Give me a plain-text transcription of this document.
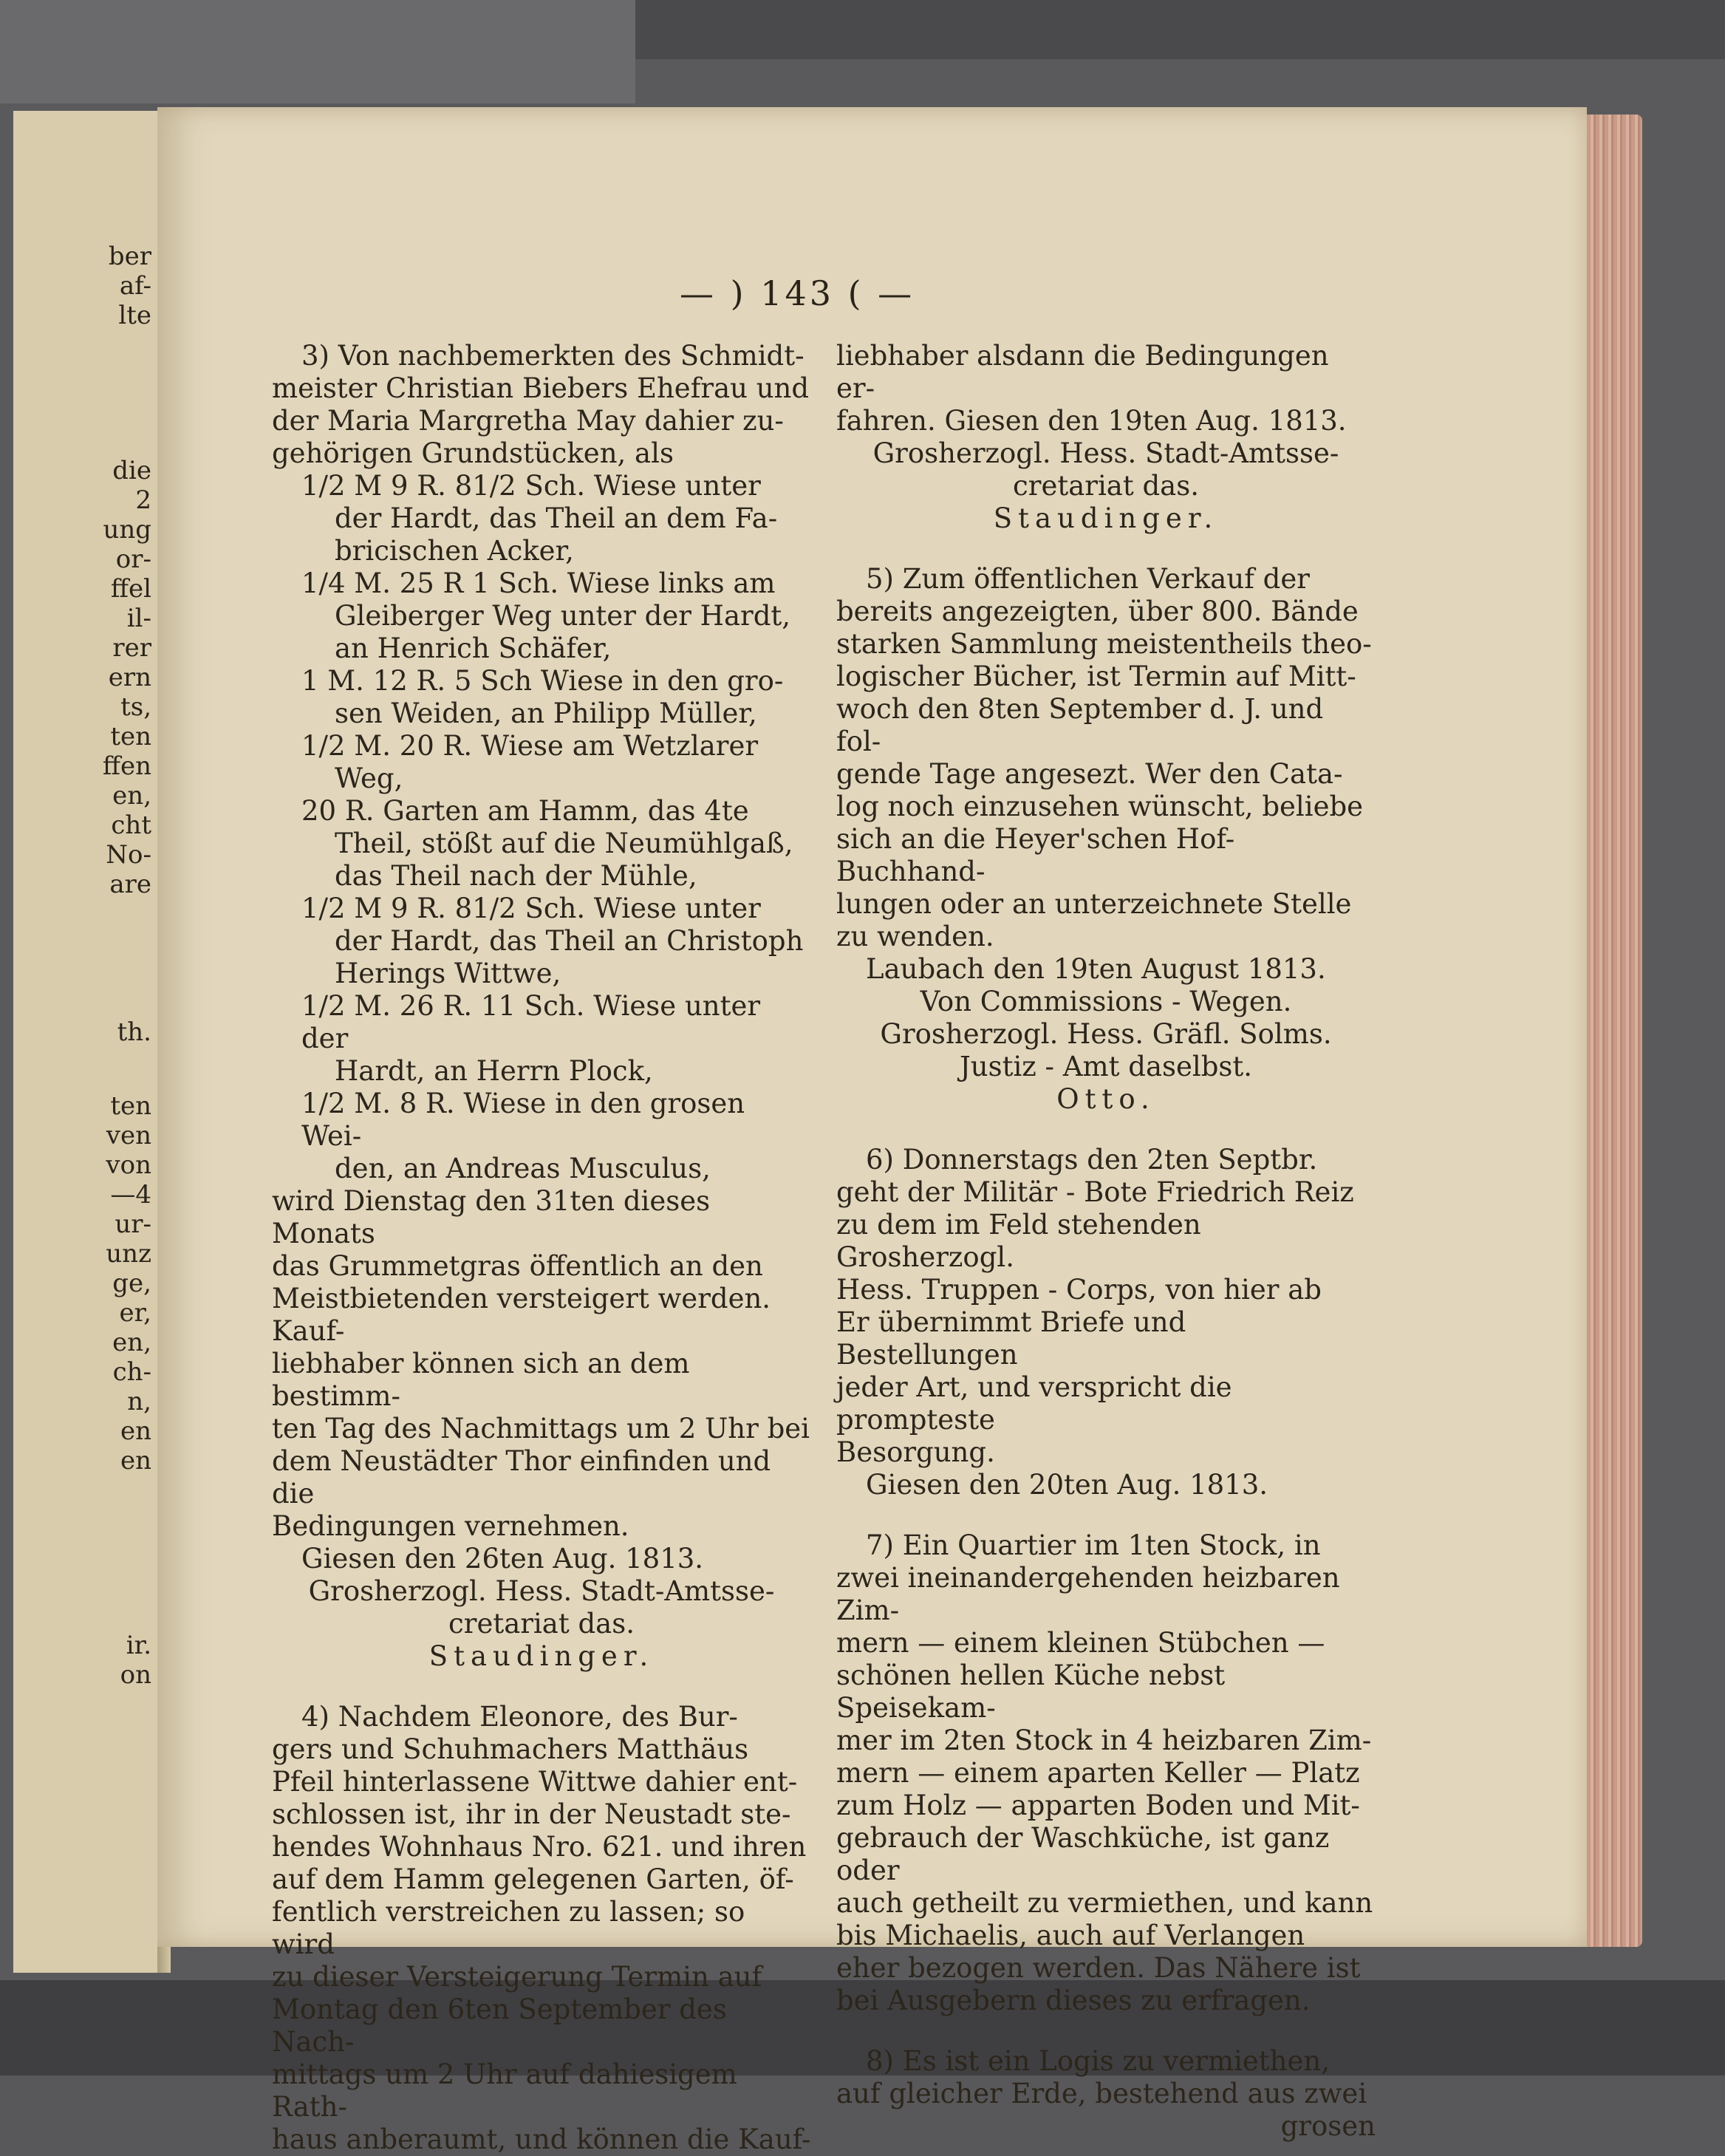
ber
af-
lte
die
2
ung
or-
ffel
il-
rer
ern
ts,
ten
ffen
en,
cht
No-
are
th.
ten
ven
von
—4
ur-
unz
ge,
er,
en,
ch-
n,
en
en
ir.
on
— ) 143 ( —
3) Von nachbemerkten des Schmidt-
meister Christian Biebers Ehefrau und
der Maria Margretha May dahier zu-
gehörigen Grundstücken, als
1/2 M 9 R. 81/2 Sch. Wiese unter
der Hardt, das Theil an dem Fa-
bricischen Acker,
1/4 M. 25 R 1 Sch. Wiese links am
Gleiberger Weg unter der Hardt,
an Henrich Schäfer,
1 M. 12 R. 5 Sch Wiese in den gro-
sen Weiden, an Philipp Müller,
1/2 M. 20 R. Wiese am Wetzlarer
Weg,
20 R. Garten am Hamm, das 4te
Theil, stößt auf die Neumühlgaß,
das Theil nach der Mühle,
1/2 M 9 R. 81/2 Sch. Wiese unter
der Hardt, das Theil an Christoph
Herings Wittwe,
1/2 M. 26 R. 11 Sch. Wiese unter der
Hardt, an Herrn Plock,
1/2 M. 8 R. Wiese in den grosen Wei-
den, an Andreas Musculus,
wird Dienstag den 31ten dieses Monats
das Grummetgras öffentlich an den
Meistbietenden versteigert werden. Kauf-
liebhaber können sich an dem bestimm-
ten Tag des Nachmittags um 2 Uhr bei
dem Neustädter Thor einfinden und die
Bedingungen vernehmen.
Giesen den 26ten Aug. 1813.
Grosherzogl. Hess. Stadt-Amtsse-
cretariat das.
Staudinger.
4) Nachdem Eleonore, des Bur-
gers und Schuhmachers Matthäus
Pfeil hinterlassene Wittwe dahier ent-
schlossen ist, ihr in der Neustadt ste-
hendes Wohnhaus Nro. 621. und ihren
auf dem Hamm gelegenen Garten, öf-
fentlich verstreichen zu lassen; so wird
zu dieser Versteigerung Termin auf
Montag den 6ten September des Nach-
mittags um 2 Uhr auf dahiesigem Rath-
haus anberaumt, und können die Kauf-
liebhaber alsdann die Bedingungen er-
fahren. Giesen den 19ten Aug. 1813.
Grosherzogl. Hess. Stadt-Amtsse-
cretariat das.
Staudinger.
5) Zum öffentlichen Verkauf der
bereits angezeigten, über 800. Bände
starken Sammlung meistentheils theo-
logischer Bücher, ist Termin auf Mitt-
woch den 8ten September d. J. und fol-
gende Tage angesezt. Wer den Cata-
log noch einzusehen wünscht, beliebe
sich an die Heyer'schen Hof-Buchhand-
lungen oder an unterzeichnete Stelle
zu wenden.
Laubach den 19ten August 1813.
Von Commissions - Wegen.
Grosherzogl. Hess. Gräfl. Solms.
Justiz - Amt daselbst.
Otto.
6) Donnerstags den 2ten Septbr.
geht der Militär - Bote Friedrich Reiz
zu dem im Feld stehenden Grosherzogl.
Hess. Truppen - Corps, von hier ab
Er übernimmt Briefe und Bestellungen
jeder Art, und verspricht die prompteste
Besorgung.
Giesen den 20ten Aug. 1813.
7) Ein Quartier im 1ten Stock, in
zwei ineinandergehenden heizbaren Zim-
mern — einem kleinen Stübchen —
schönen hellen Küche nebst Speisekam-
mer im 2ten Stock in 4 heizbaren Zim-
mern — einem aparten Keller — Platz
zum Holz — apparten Boden und Mit-
gebrauch der Waschküche, ist ganz oder
auch getheilt zu vermiethen, und kann
bis Michaelis, auch auf Verlangen
eher bezogen werden. Das Nähere ist
bei Ausgebern dieses zu erfragen.
8) Es ist ein Logis zu vermiethen,
auf gleicher Erde, bestehend aus zwei
grosen
